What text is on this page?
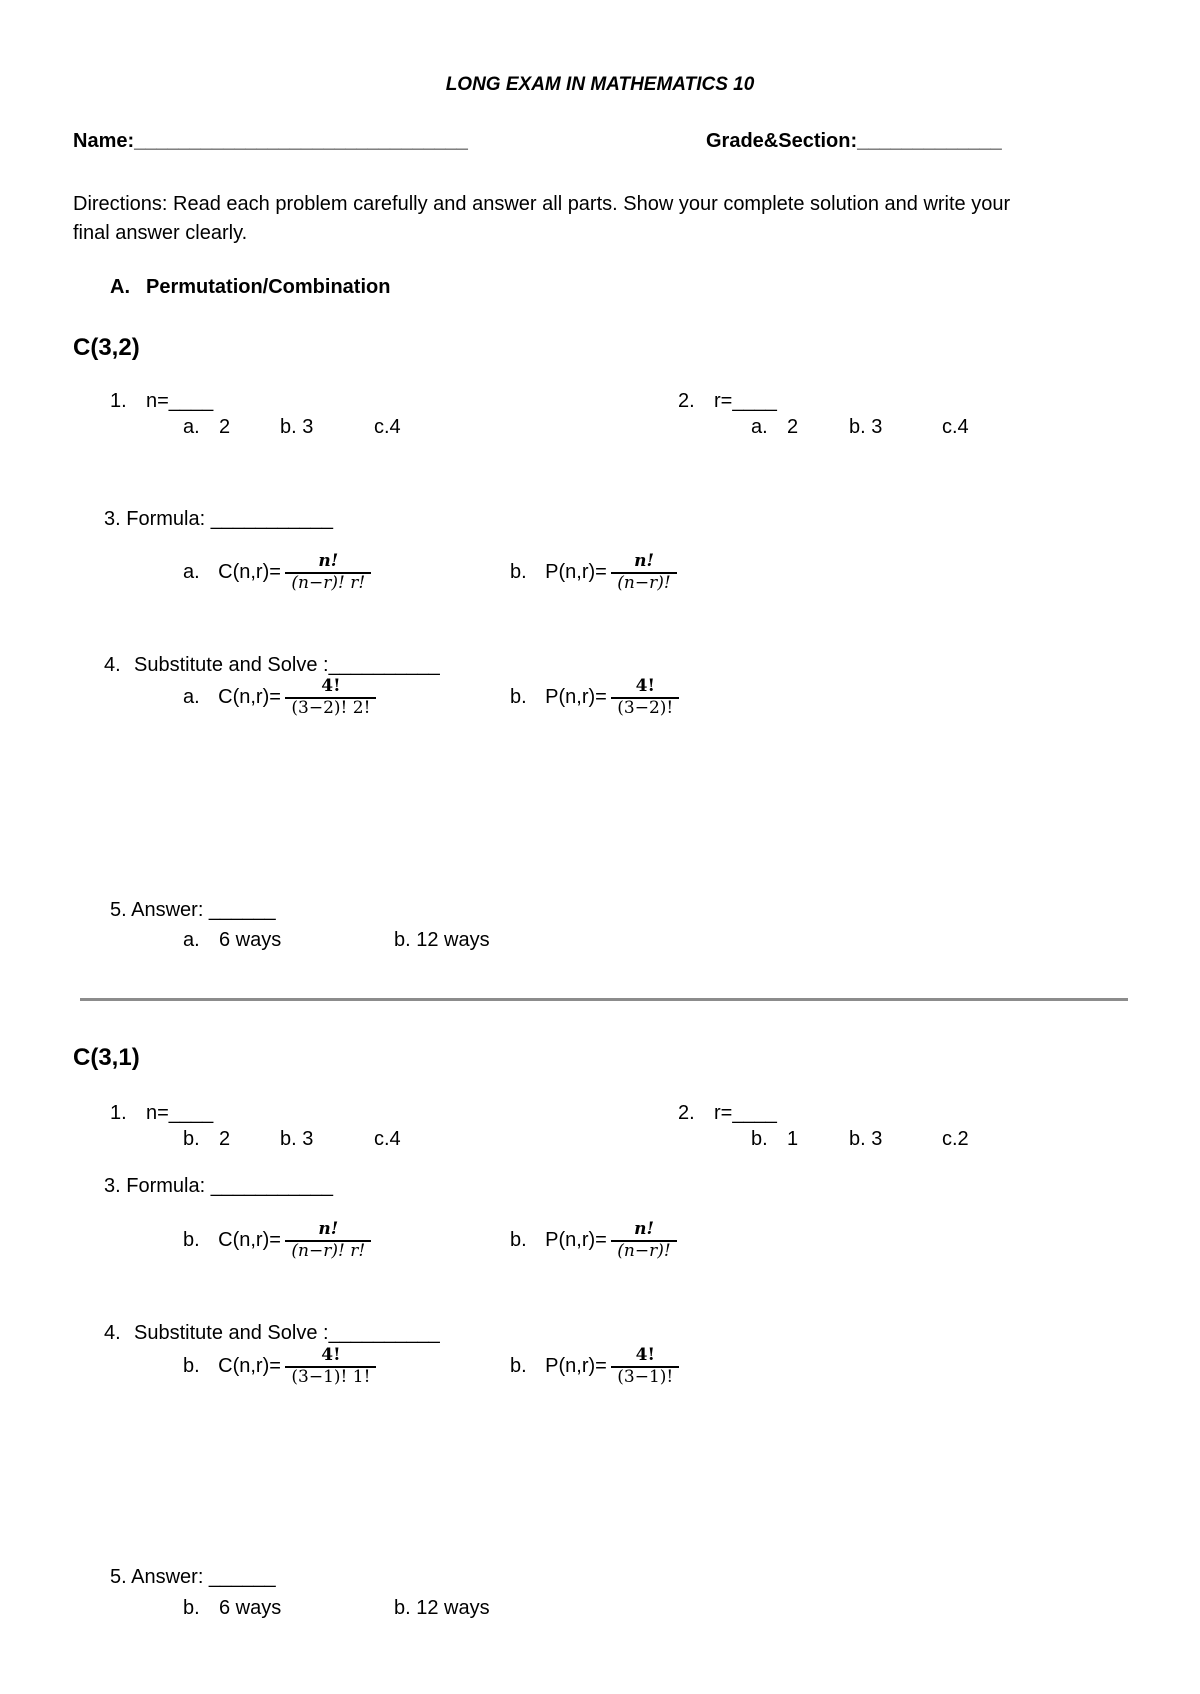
LONG EXAM IN MATHEMATICS 10
Name:______________________________	Grade&Section:_____________
Directions: Read each problem carefully and answer all parts. Show your complete solution and write your
final answer clearly.
A. Permutation/Combination
C(3,2)
1. n=____
a. 2 b. 3	c.4
2. r=____
a. 2	b. 3	c.4
3. Formula: ___________
a. $C(n,r)= \frac{n!}{(n-r)! r!}$	b. $P(n,r)= \frac{n!}{(n-r)!}$
4. Substitute and Solve :__________
a. $C(n,r)= \frac{4!}{(3-2)! 2!}$	b. $P(n,r)= \frac{4!}{(3-2)!}$
5. Answer: ______
a. 6 ways	b. 12 ways
C(3,1)
1. n=____
b. 2 b. 3	c.4
2. r=____
b. 1	b. 3	c.2
3. Formula: ___________
b. $C(n,r)= \frac{n!}{(n-r)! r!}$	b. $P(n,r)= \frac{n!}{(n-r)!}$
4. Substitute and Solve :__________
b. $C(n,r)= \frac{4!}{(3-1)! 1!}$	b. $P(n,r)= \frac{4!}{(3-1)!}$
5. Answer: ______
b. 6 ways	b. 12 ways
